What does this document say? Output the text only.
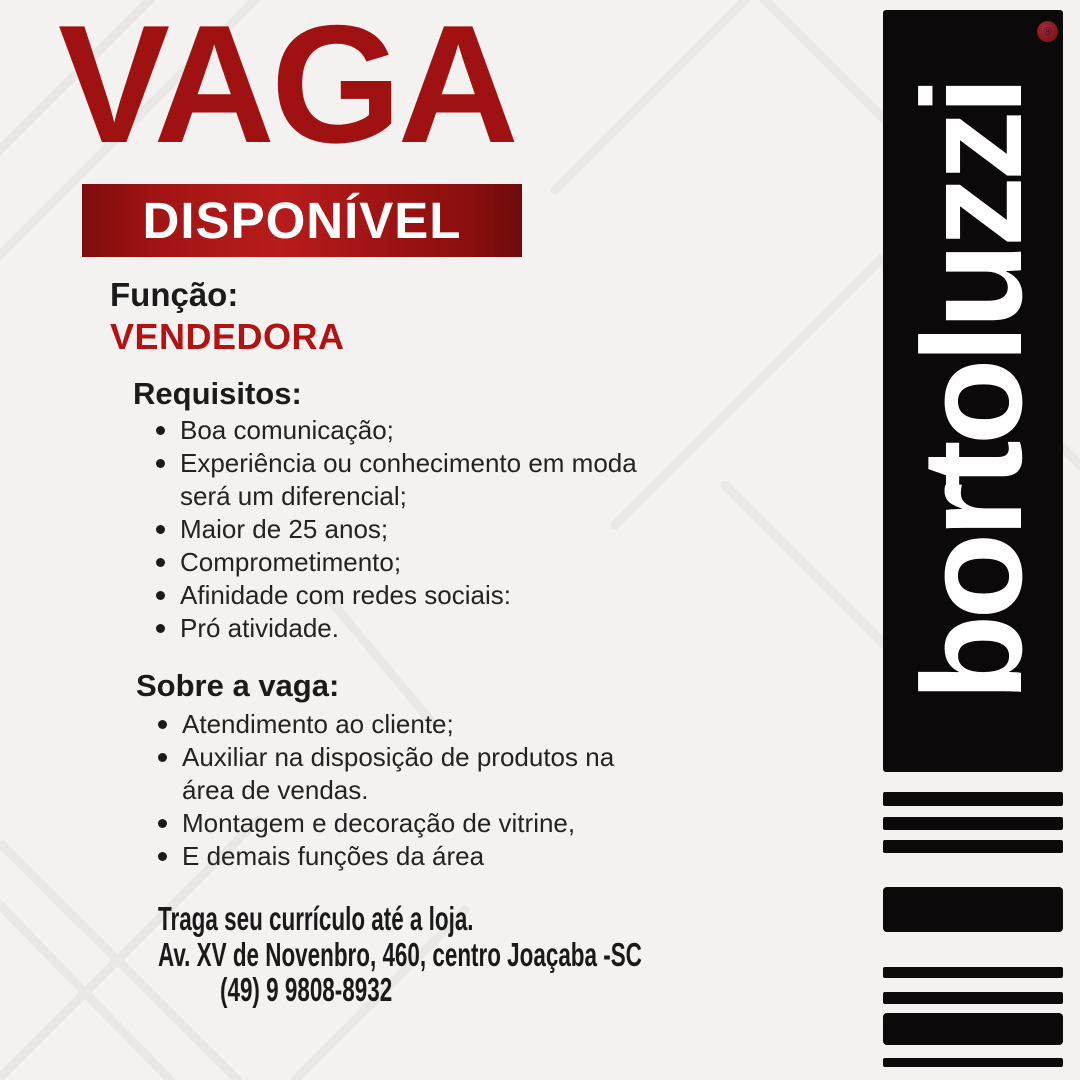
VAGA
DISPONÍVEL
Função:
VENDEDORA
Requisitos:
Boa comunicação;
Experiência ou conhecimento em moda será um diferencial;
Maior de 25 anos;
Comprometimento;
Afinidade com redes sociais:
Pró atividade.
Sobre a vaga:
Atendimento ao cliente;
Auxiliar na disposição de produtos na área de vendas.
Montagem e decoração de vitrine,
E demais funções da área
Traga seu currículo até a loja.
Av. XV de Novenbro, 460, centro Joaçaba -SC
(49) 9 9808-8932
bortoluzzi
®
